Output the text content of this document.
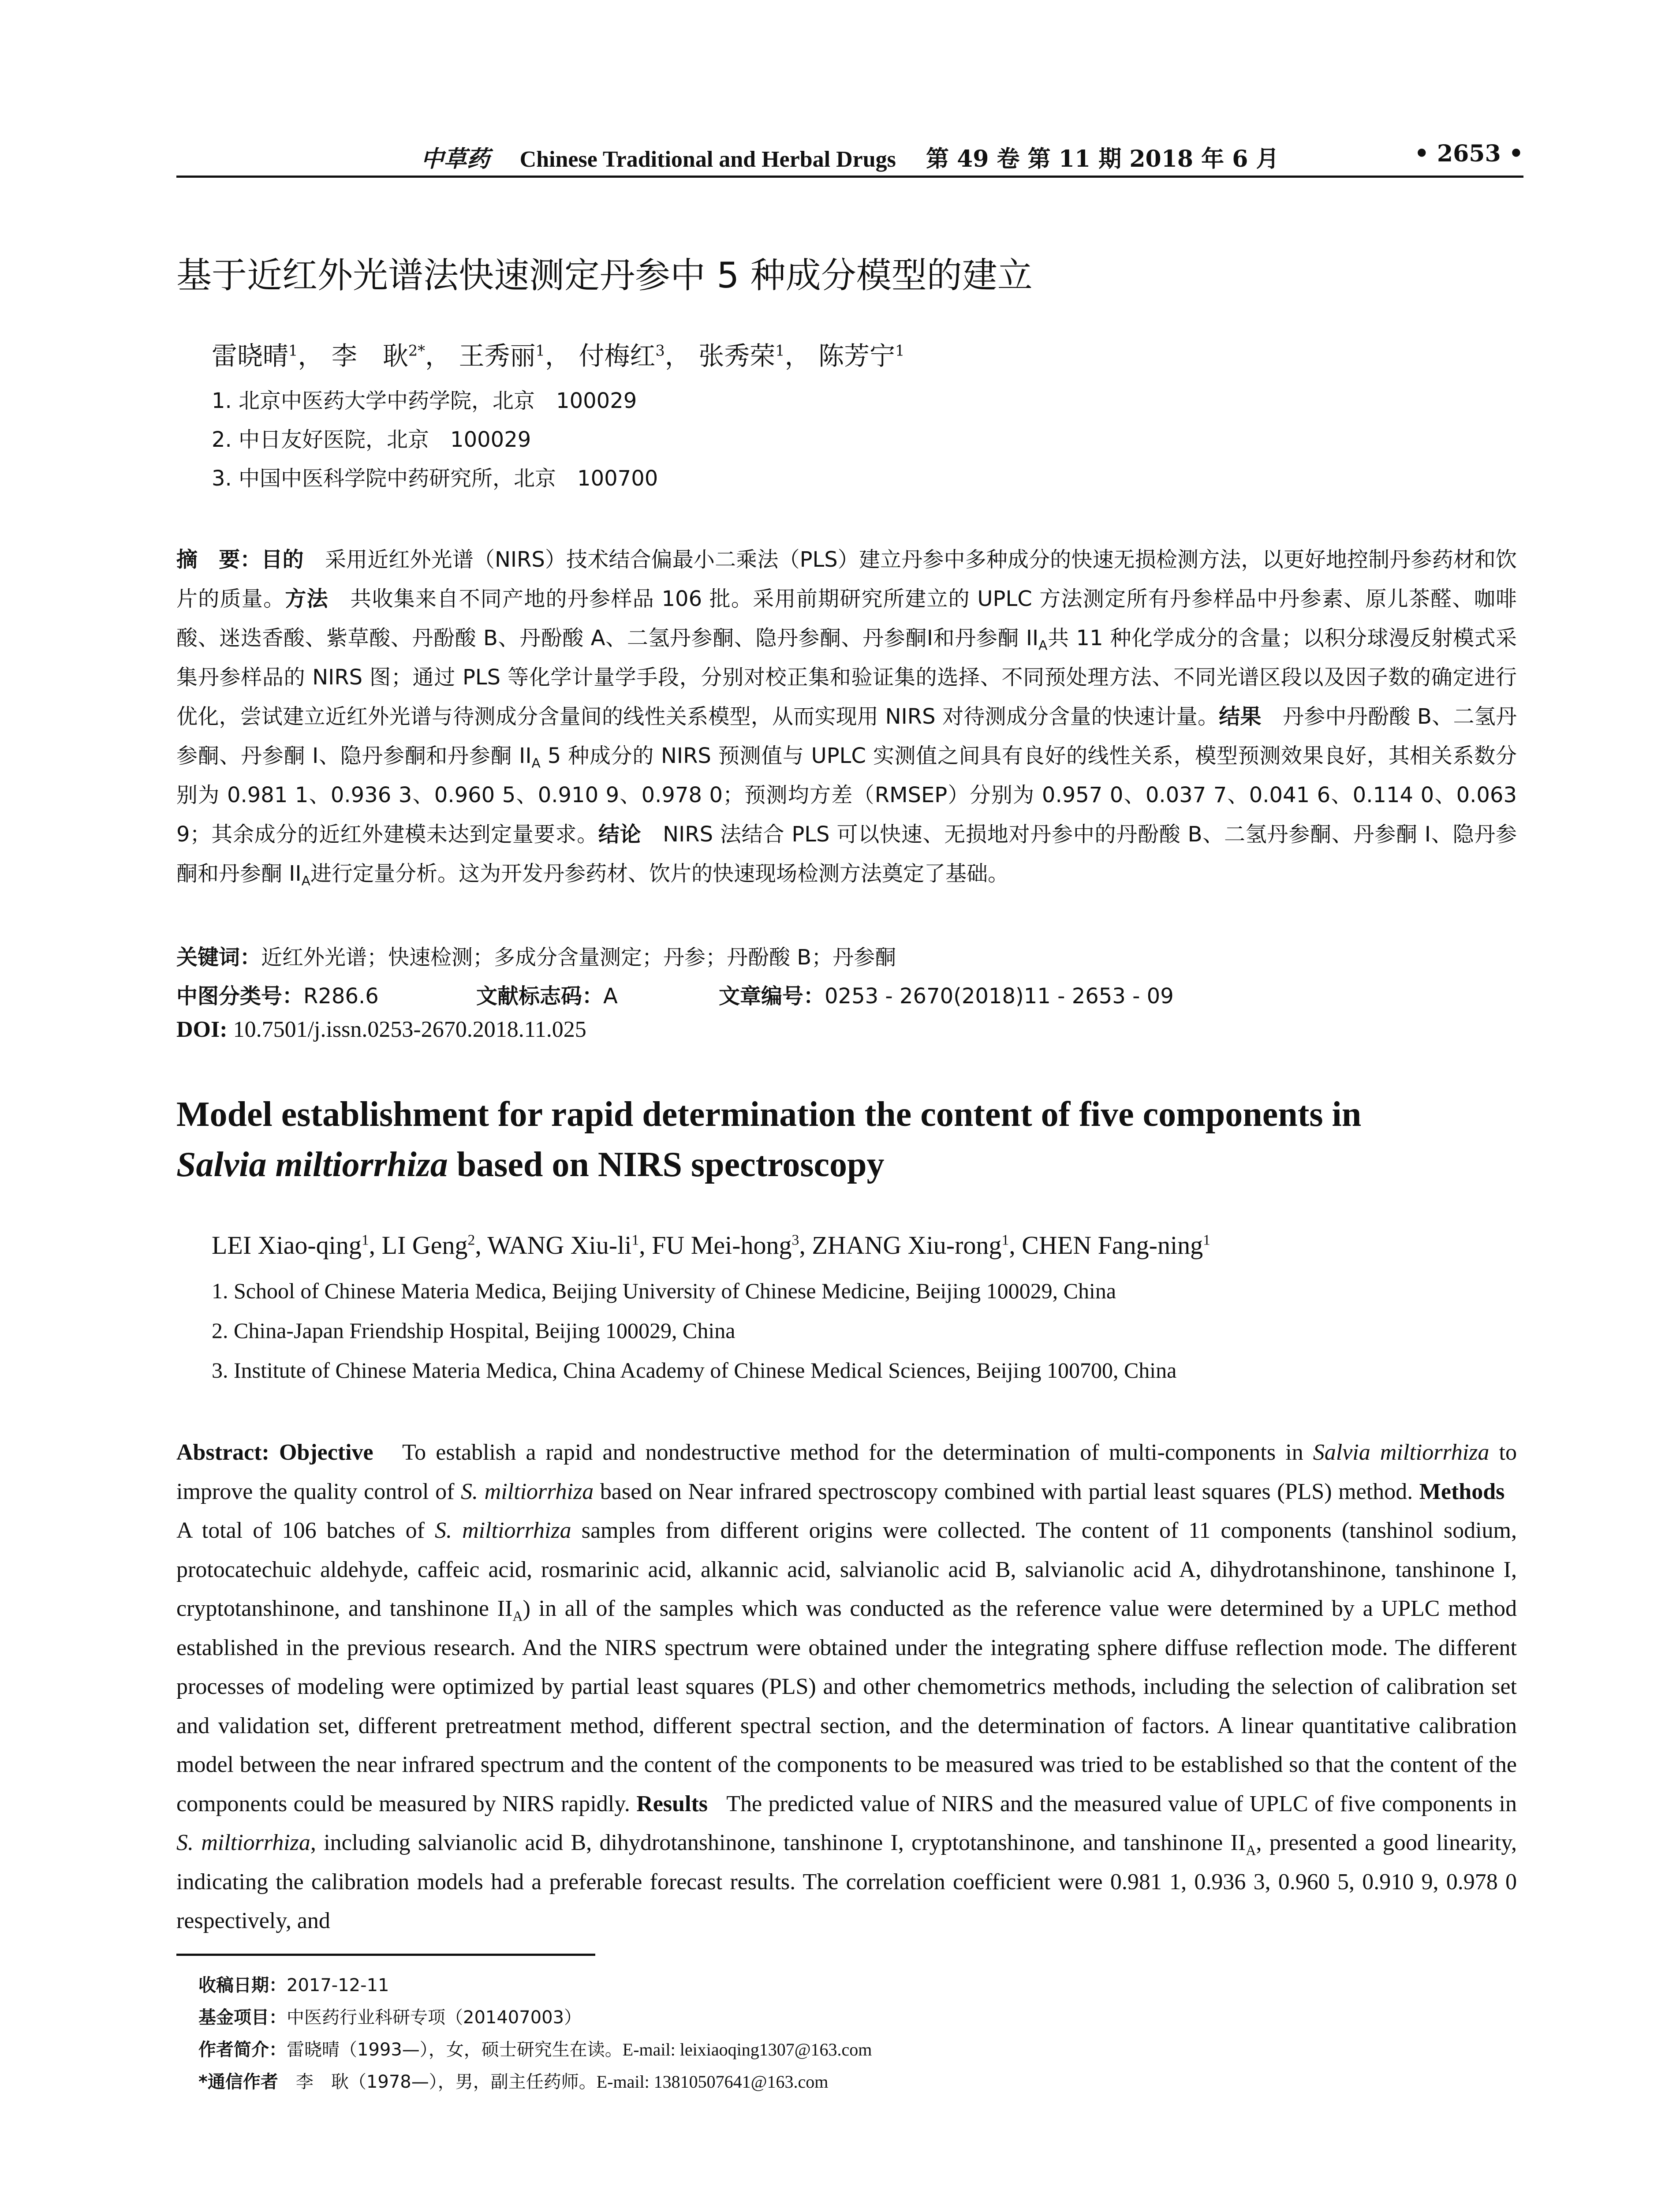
中草药 Chinese Traditional and Herbal Drugs 第 49 卷 第 11 期 2018 年 6 月	• 2653 •
基于近红外光谱法快速测定丹参中 5 种成分模型的建立
雷晓晴$^1$， 李　耿$^{2*}$， 王秀丽$^1$， 付梅红$^3$， 张秀荣$^1$， 陈芳宁$^1$
1. 北京中医药大学中药学院，北京　100029
2. 中日友好医院，北京　100029
3. 中国中医科学院中药研究所，北京　100700
摘　要：目的　 采用近红外光谱（NIRS）技术结合偏最小二乘法（PLS）建立丹参中多种成分的快速无损检测方法，以更好地控制丹参药材和饮片的质量。方法　 共收集来自不同产地的丹参样品 106 批。采用前期研究所建立的 UPLC 方法测定所有丹参样品中丹参素、原儿茶醛、咖啡酸、迷迭香酸、紫草酸、丹酚酸 B、丹酚酸 A、二氢丹参酮、隐丹参酮、丹参酮Ⅰ和丹参酮 $II_A$共 11 种化学成分的含量；以积分球漫反射模式采集丹参样品的 NIRS 图；通过 PLS 等化学计量学手段，分别对校正集和验证集的选择、不同预处理方法、不同光谱区段以及因子数的确定进行优化，尝试建立近红外光谱与待测成分含量间的线性关系模型，从而实现用 NIRS 对待测成分含量的快速计量。结果　 丹参中丹酚酸 B、二氢丹参酮、丹参酮 I、隐丹参酮和丹参酮 $II_A$ 5 种成分的 NIRS 预测值与 UPLC 实测值之间具有良好的线性关系，模型预测效果良好，其相关系数分别为 0.981 1、0.936 3、0.960 5、0.910 9、0.978 0；预测均方差（RMSEP）分别为 0.957 0、0.037 7、0.041 6、0.114 0、0.063 9；其余成分的近红外建模未达到定量要求。结论　 NIRS 法结合 PLS 可以快速、无损地对丹参中的丹酚酸 B、二氢丹参酮、丹参酮 I、隐丹参酮和丹参酮 $II_A$进行定量分析。这为开发丹参药材、饮片的快速现场检测方法奠定了基础。
关键词：近红外光谱；快速检测；多成分含量测定；丹参；丹酚酸 B；丹参酮
中图分类号：R286.6	文献标志码：A	文章编号：0253 - 2670(2018)11 - 2653 - 09
DOI: 10.7501/j.issn.0253-2670.2018.11.025
Model establishment for rapid determination the content of five components in
Salvia miltiorrhiza based on NIRS spectroscopy
LEI Xiao-qing$^1$, LI Geng$^2$, WANG Xiu-$li^1$, FU Mei-hong$^3$, ZHANG Xiu-rong$^1$, CHEN Fang-ning$^1$
1. School of Chinese Materia Medica, Beijing University of Chinese Medicine, Beijing 100029, China
2. China-Japan Friendship Hospital, Beijing 100029, China
3. Institute of Chinese Materia Medica, China Academy of Chinese Medical Sciences, Beijing 100700, China
Abstract: Objective To establish a rapid and nondestructive method for the determination of multi-components in Salvia miltiorrhiza to improve the quality control of S. miltiorrhiza based on Near infrared spectroscopy combined with partial least squares (PLS) method. Methods   A total of 106 batches of S. miltiorrhiza samples from different origins were collected. The content of 11 components (tanshinol sodium, protocatechuic aldehyde, caffeic acid, rosmarinic acid, alkannic acid, salvianolic acid B, salvianolic acid A, dihydrotanshinone, tanshinone I, cryptotanshinone, and tanshinone $II_A$) in all of the samples which was conducted as the reference value were determined by a UPLC method established in the previous research. And the NIRS spectrum were obtained under the integrating sphere diffuse reflection mode. The different processes of modeling were optimized by partial least squares (PLS) and other chemometrics methods, including the selection of calibration set and validation set, different pretreatment method, different spectral section, and the determination of factors. A linear quantitative calibration model between the near infrared spectrum and the content of the components to be measured was tried to be established so that the content of the components could be measured by NIRS rapidly. Results The predicted value of NIRS and the measured value of UPLC of five components in S. miltiorrhiza, including salvianolic acid B, dihydrotanshinone, tanshinone I, cryptotanshinone, and tanshinone $II_A$, presented a good linearity, indicating the calibration models had a preferable forecast results. The correlation coefficient were 0.981 1, 0.936 3, 0.960 5, 0.910 9, 0.978 0 respectively, and
收稿日期：2017-12-11
基金项目：中医药行业科研专项（201407003）
作者简介：雷晓晴（1993—），女，硕士研究生在读。E-mail: leixiaoqing1307@163.com
*通信作者　 李　耿（1978—），男，副主任药师。E-mail: 13810507641@163.com
